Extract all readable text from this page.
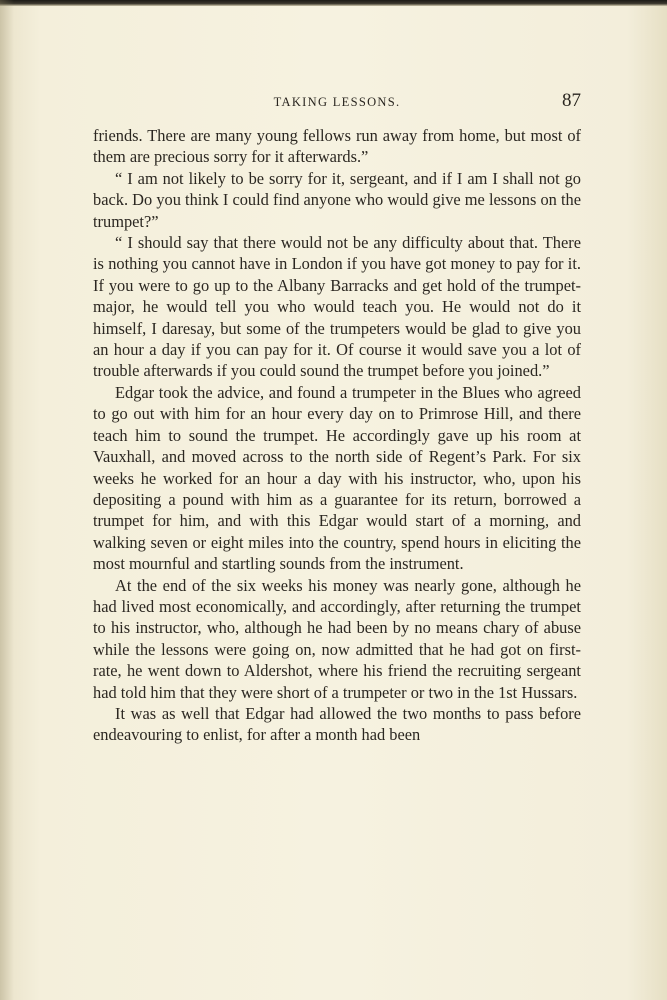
TAKING LESSONS.	87

friends. There are many young fellows run away from home, but most of them are precious sorry for it afterwards.”

“ I am not likely to be sorry for it, sergeant, and if I am I shall not go back. Do you think I could find anyone who would give me lessons on the trumpet?”

“ I should say that there would not be any difficulty about that. There is nothing you cannot have in London if you have got money to pay for it. If you were to go up to the Albany Barracks and get hold of the trumpet-major, he would tell you who would teach you. He would not do it himself, I daresay, but some of the trumpeters would be glad to give you an hour a day if you can pay for it. Of course it would save you a lot of trouble afterwards if you could sound the trumpet before you joined.”

Edgar took the advice, and found a trumpeter in the Blues who agreed to go out with him for an hour every day on to Primrose Hill, and there teach him to sound the trumpet. He accordingly gave up his room at Vauxhall, and moved across to the north side of Regent’s Park. For six weeks he worked for an hour a day with his instructor, who, upon his depositing a pound with him as a guarantee for its return, borrowed a trumpet for him, and with this Edgar would start of a morning, and walking seven or eight miles into the country, spend hours in eliciting the most mournful and startling sounds from the instrument.

At the end of the six weeks his money was nearly gone, although he had lived most economically, and accordingly, after returning the trumpet to his instructor, who, although he had been by no means chary of abuse while the lessons were going on, now admitted that he had got on first-rate, he went down to Aldershot, where his friend the recruiting sergeant had told him that they were short of a trumpeter or two in the 1st Hussars.

It was as well that Edgar had allowed the two months to pass before endeavouring to enlist, for after a month had been
